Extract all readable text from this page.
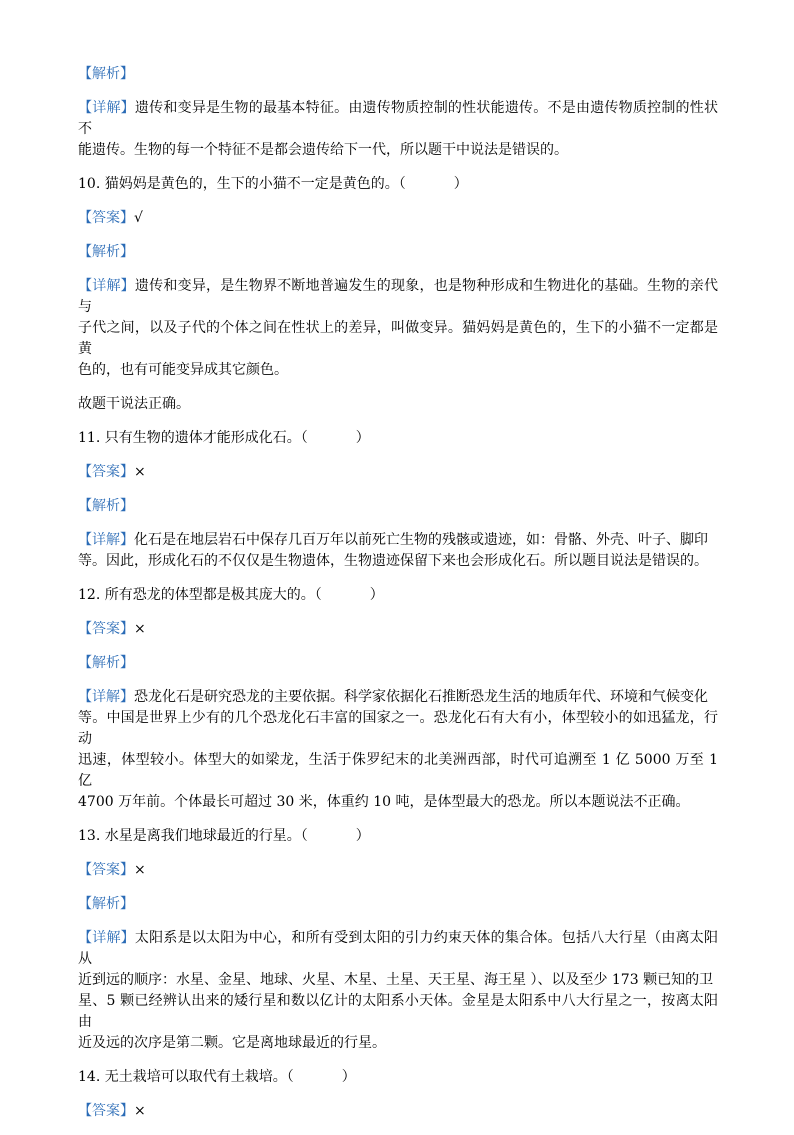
【解析】
【详解】遗传和变异是生物的最基本特征。由遗传物质控制的性状能遗传。不是由遗传物质控制的性状不
能遗传。生物的每一个特征不是都会遗传给下一代，所以题干中说法是错误的。
10. 猫妈妈是黄色的，生下的小猫不一定是黄色的。（	）
【答案】√
【解析】
【详解】遗传和变异，是生物界不断地普遍发生的现象，也是物种形成和生物进化的基础。生物的亲代与
子代之间，以及子代的个体之间在性状上的差异，叫做变异。猫妈妈是黄色的，生下的小猫不一定都是黄
色的，也有可能变异成其它颜色。
故题干说法正确。
11. 只有生物的遗体才能形成化石。（	）
【答案】×
【解析】
【详解】化石是在地层岩石中保存几百万年以前死亡生物的残骸或遗迹，如：骨骼、外壳、叶子、脚印
等。因此，形成化石的不仅仅是生物遗体，生物遗迹保留下来也会形成化石。所以题目说法是错误的。
12. 所有恐龙的体型都是极其庞大的。（	）
【答案】×
【解析】
【详解】恐龙化石是研究恐龙的主要依据。科学家依据化石推断恐龙生活的地质年代、环境和气候变化
等。中国是世界上少有的几个恐龙化石丰富的国家之一。恐龙化石有大有小，体型较小的如迅猛龙，行动
迅速，体型较小。体型大的如梁龙，生活于侏罗纪末的北美洲西部，时代可追溯至 1 亿 5000 万至 1 亿
4700 万年前。个体最长可超过 30 米，体重约 10 吨，是体型最大的恐龙。所以本题说法不正确。
13. 水星是离我们地球最近的行星。（	）
【答案】×
【解析】
【详解】太阳系是以太阳为中心，和所有受到太阳的引力约束天体的集合体。包括八大行星（由离太阳从
近到远的顺序：水星、金星、地球、火星、木星、土星、天王星、海王星 ）、以及至少 173 颗已知的卫
星、5 颗已经辨认出来的矮行星和数以亿计的太阳系小天体。金星是太阳系中八大行星之一，按离太阳由
近及远的次序是第二颗。它是离地球最近的行星。
14. 无土栽培可以取代有土栽培。（	）
【答案】×
